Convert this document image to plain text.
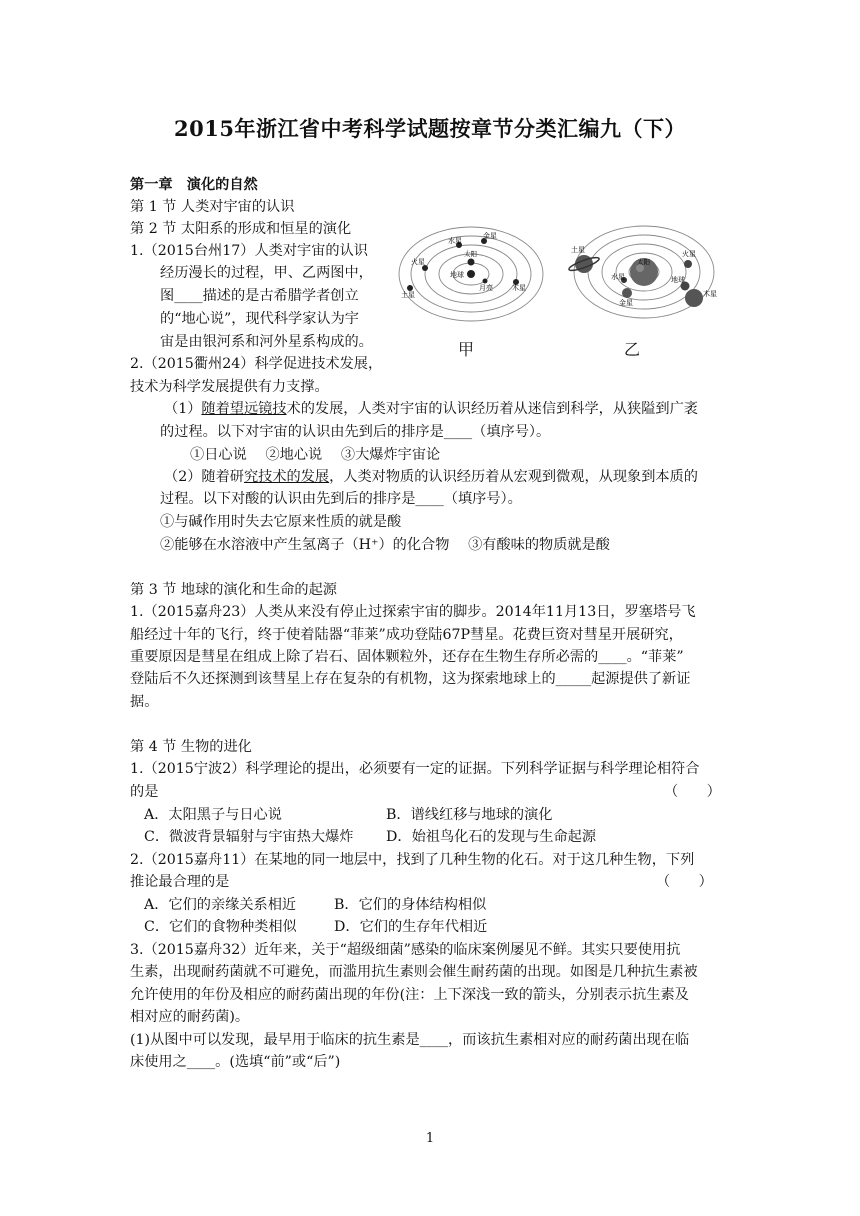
2015年浙江省中考科学试题按章节分类汇编九（下）
第一章　演化的自然
第 1 节 人类对宇宙的认识
第 2 节 太阳系的形成和恒星的演化
1.（2015台州17）人类对宇宙的认识
经历漫长的过程，甲、乙两图中，
图____描述的是古希腊学者创立
的“地心说”，现代科学家认为宇
宙是由银河系和河外星系构成的。
金星
水星
太阳
火星
地球
月亮	木星
土星
土星	火星
太阳
水星	地球
金星
木星
甲	乙
2.（2015衢州24）科学促进技术发展，
技术为科学发展提供有力支撑。
（1）随着望远镜技术的发展，人类对宇宙的认识经历着从迷信到科学，从狭隘到广袤
的过程。以下对宇宙的认识由先到后的排序是____（填序号）。
①日心说　 ②地心说　 ③大爆炸宇宙论
（2）随着研究技术的发展，人类对物质的认识经历着从宏观到微观，从现象到本质的
过程。以下对酸的认识由先到后的排序是____（填序号）。
①与碱作用时失去它原来性质的就是酸
②能够在水溶液中产生氢离子（H⁺）的化合物　 ③有酸味的物质就是酸
第 3 节 地球的演化和生命的起源
1.（2015嘉舟23）人类从来没有停止过探索宇宙的脚步。2014年11月13日，罗塞塔号飞
船经过十年的飞行，终于使着陆器“菲莱”成功登陆67P彗星。花费巨资对彗星开展研究，
重要原因是彗星在组成上除了岩石、固体颗粒外，还存在生物生存所必需的____。“菲莱”
登陆后不久还探测到该彗星上存在复杂的有机物，这为探索地球上的_____起源提供了新证
据。
第 4 节 生物的进化
1.（2015宁波2）科学理论的提出，必须要有一定的证据。下列科学证据与科学理论相符合
的是	（　　）
A．太阳黑子与日心说	B．谱线红移与地球的演化
C．微波背景辐射与宇宙热大爆炸 D．始祖鸟化石的发现与生命起源
2.（2015嘉舟11）在某地的同一地层中，找到了几种生物的化石。对于这几种生物，下列
推论最合理的是	（　　）
A．它们的亲缘关系相近	B．它们的身体结构相似
C．它们的食物种类相似	D．它们的生存年代相近
3.（2015嘉舟32）近年来，关于“超级细菌”感染的临床案例屡见不鲜。其实只要使用抗
生素，出现耐药菌就不可避免，而滥用抗生素则会催生耐药菌的出现。如图是几种抗生素被
允许使用的年份及相应的耐药菌出现的年份(注：上下深浅一致的箭头，分别表示抗生素及
相对应的耐药菌)。
(1)从图中可以发现，最早用于临床的抗生素是____，而该抗生素相对应的耐药菌出现在临
床使用之____。(选填“前”或“后”)
1
